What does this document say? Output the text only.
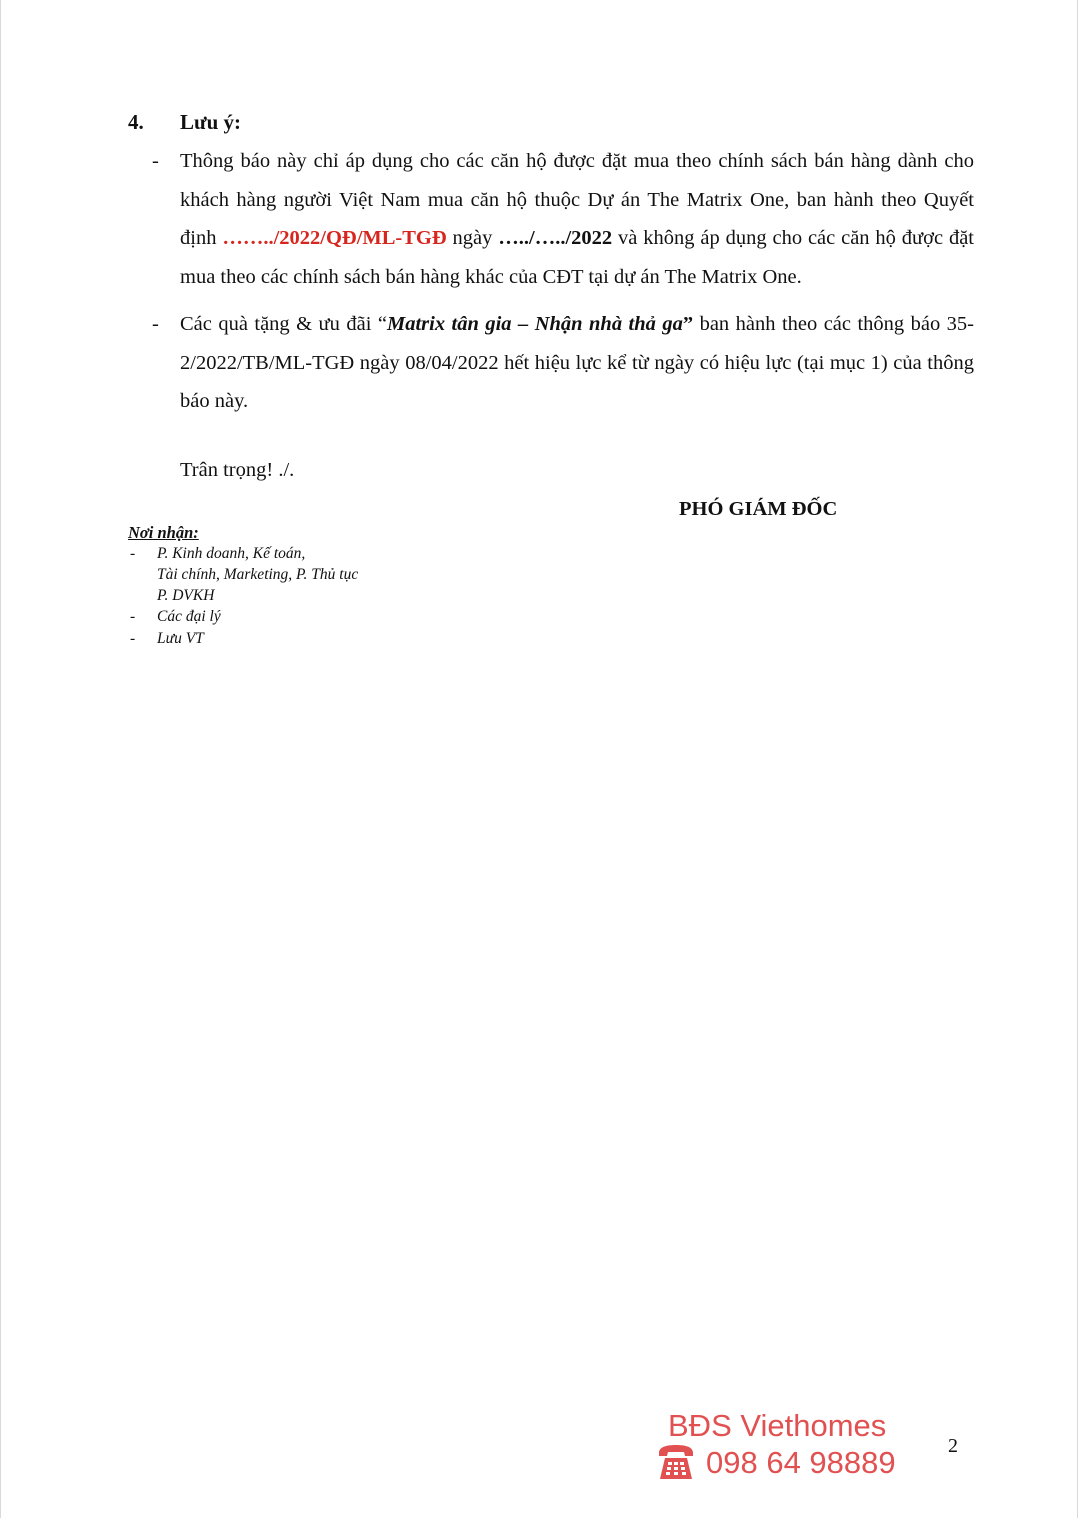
4. Lưu ý:
- Thông báo này chỉ áp dụng cho các căn hộ được đặt mua theo chính sách bán hàng dành cho khách hàng người Việt Nam mua căn hộ thuộc Dự án The Matrix One, ban hành theo Quyết định ……../2022/QĐ/ML-TGĐ ngày …../…../2022 và không áp dụng cho các căn hộ được đặt mua theo các chính sách bán hàng khác của CĐT tại dự án The Matrix One.
- Các quà tặng & ưu đãi “Matrix tân gia – Nhận nhà thả ga” ban hành theo các thông báo 35-2/2022/TB/ML-TGĐ ngày 08/04/2022 hết hiệu lực kể từ ngày có hiệu lực (tại mục 1) của thông báo này.
Trân trọng! ./.
PHÓ GIÁM ĐỐC
Nơi nhận:
- P. Kinh doanh, Kế toán,
Tài chính, Marketing, P. Thủ tục
P. DVKH
- Các đại lý
- Lưu VT
BĐS Viethomes
098 64 98889	2
